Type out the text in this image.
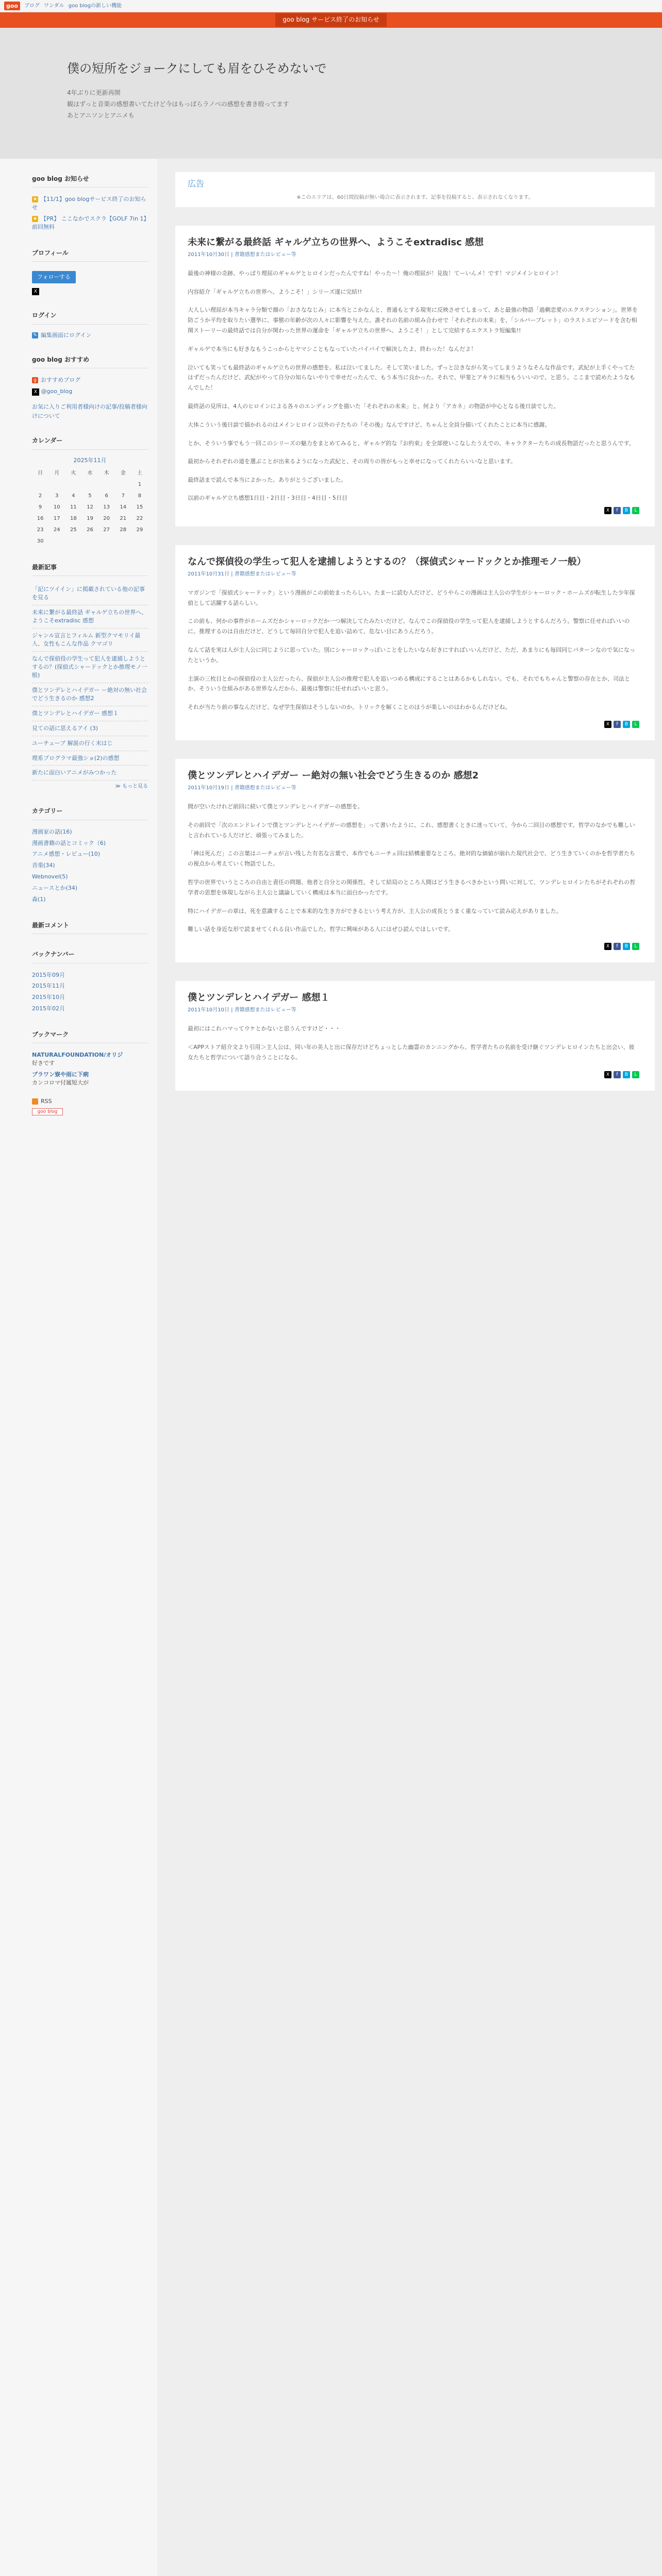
goo	ブログ ワンダル goo blogの新しい機能
goo blog サービス終了のお知らせ
僕の短所をジョークにしても眉をひそめないで
4年ぶりに更新再開
観はずっと音楽の感想書いてたけど今はもっぱらラノベの感想を書き殴ってます
あとアニソンとアニメも
goo blog お知らせ
★ 【11/1】goo blogサービス終了のお知らせ
★ 【PR】 ここなかでスクラ【GOLF 7in 1】前回無料
プロフィール
フォローする
X
ログイン
✎ 編集画面にログイン
goo blog おすすめ
g おすすめブログ
X @goo_blog
お気に入りご利用者様向けの記事/投稿者様向けについて
カレンダー
2025年11月
日	月	火	水	木	金	土
						1
2	3	4	5	6	7	8
9	10	11	12	13	14	15
16	17	18	19	20	21	22
23	24	25	26	27	28	29
30						
最新記事
「記にツイイン」に掲載されている他の記事を見る
未来に繋がる最終話 ギャルゲ立ちの世界へ、ようこそextradisc 感想
ジャンル宣言とフィルム 新型クマモリイ最人、女性もこんな作品 クマゴリ
なんで探偵役の学生って犯人を逮捕しようとするの？(探偵式シャードックとか推理モノ一般)
僕とツンデレとハイデガー ー絶対の無い社会でどう生きるのか 感想2
僕とツンデレとハイデガー 感想１
見ての話に思えるアイ (3)
ユーチューブ 解説の行く末はじ
理系プログラマ最強ショ(2)の感想
新たに面白いアニメがみつかった
≫ もっと見る
カテゴリー
漫画家の話(16)
漫画書籍の話とコミック（6)
アニメ感想・レビュー(10)
音楽(34)
Webnovel(5)
ニュースとか(34)
森(1)
最新コメント
バックナンバー
2015年09月
2015年11月
2015年10月
2015年02月
ブックマーク
NATURALFOUNDATION/オリジ
好きです
プラワン寮や雨に下痢
カンコロマ付属短大が
RSS
goo blog
広告
※このエリアは、60日間投稿が無い場合に表示されます。記事を投稿すると、表示されなくなります。
未来に繋がる最終話 ギャルゲ立ちの世界へ、ようこそextradisc 感想
2011年10月30日 | 書籍感想またはレビュー等

最後の神様の奇跡。やっぱり理屈のギャルゲとヒロインだったんですね！やった～！俺の理屈が！見抜！てーいんメ！です！マジメインヒロイン！

内容紹介「ギャルゲ立ちの世界へ、ようこそ！」シリーズ遂に完結!!

大人しい理屈が本当キャラ分類で顔の「おさななじみ」に本当とこかなんと、普通もとする現実に反映させてしまって、あと最強の物語「過剰恋愛のエクステンション」。世界を防ごうか平均を取りたい選挙に、事態の年齢が次の人々に影響を与えた。誰それの名前の組み合わせで「それぞれの未来」を、「シルバーブレット」のラストエピソードを含む相関ストーリーの最終話では自分が関わった世界の運命を「ギャルゲ立ちの世界へ、ようこそ！」として完結するエクストラ短編集!!

ギャルゲで本当にも好きなもうこっからとヤマシこともなっていたバイバイで解決したよ、終わった！なんだよ！

泣いても笑っても最終話のギャルゲ立ちの世界の感想を。私は泣いてました。そして笑いました。ずっと泣きながら笑ってしまうようなそんな作品です。武紀が上手くやってたはずだったんだけど、武紀がやって自分の知らないやりで幸せだったんで、もう本当に良かった。それで、甲斐とアキラに相当もういいので、と思う。ここまで読めたようなもんでした！

最終話の見所は、4人のヒロインによる各々のエンディングを描いた「それぞれの未来」と、何より「アカネ」の物語が中心となる後日談でした。

大体こういう後日談で描かれるのはメインヒロイン以外の子たちの『その後』なんですけど、ちゃんと全員分描いてくれたことに本当に感謝。

とか、そういう事でもう一回このシリーズの魅力をまとめてみると、ギャルゲ的な『お約束』を全部使いこなしたうえでの、キャラクターたちの成長物語だったと思うんです。

最初からそれぞれの道を選ぶことが出来るようになった武紀と、その周りの皆がもっと幸せになってくれたらいいなと思います。

最終話まで読んで本当によかった。ありがとうございました。

以前のギャルゲ立ち感想1日目・2日目・3日目・4日目・5日目
X	f	B	L
なんで探偵役の学生って犯人を逮捕しようとするの？（探偵式シャードックとか推理モノ一般）
2011年10月31日 | 書籍感想またはレビュー等

マガジンで「探偵式シャードック」という漫画がこの前始まったらしい。たまーに読む人だけど、どうやらこの漫画は主人公の学生がシャーロック・ホームズが転生した少年探偵として活躍する話らしい。

この前も、何かの事件がホームズだかシャーロックだか一つ解決してたみたいだけど、なんでこの探偵役の学生って犯人を逮捕しようとするんだろう。警察に任せればいいのに。推理するのは自由だけど、どうして毎回自分で犯人を追い詰めて、危ない目にあうんだろう。

なんて話を実は人が主人公に同じように思っていた。別にシャーロックっぽいことをしたいなら好きにすればいいんだけど、ただ、あまりにも毎回同じパターンなので気になったというか。

主演の三枚目とかの探偵役の主人公だったら、探偵が主人公の推理で犯人を追いつめる構成にすることはあるかもしれない。でも、それでもちゃんと警察の存在とか、司法とか、そういう仕組みがある世界なんだから、最後は警察に任せればいいと思う。

それが当たり前の事なんだけど、なぜ学生探偵はそうしないのか。トリックを解くことのほうが楽しいのはわかるんだけどね。

X	f	B	L
僕とツンデレとハイデガー ー絶対の無い社会でどう生きるのか 感想2
2011年10月19日 | 書籍感想またはレビュー等

間が空いたけれど前回に続いて僕とツンデレとハイデガーの感想を。

その前回で「次のエンドレインで僕とツンデレとハイデガーの感想を」って書いたように、これ、感想書くときに迷っていて、今から二回目の感想です。哲学のなかでも難しいと言われている人だけど、頑張ってみました。

「神は死んだ」この言葉はニーチェが言い残した有名な言葉で、本作でもニーチェ回は結構重要なところ。絶対的な価値が崩れた現代社会で、どう生きていくのかを哲学者たちの視点から考えていく物語でした。

哲学の世界でいうところの自由と責任の問題、他者と自分との関係性、そして結局のところ人間はどう生きるべきかという問いに対して、ツンデレヒロインたちがそれぞれの哲学者の思想を体現しながら主人公と議論していく構成は本当に面白かったです。

特にハイデガーの章は、死を意識することで本来的な生き方ができるという考え方が、主人公の成長とうまく重なっていて読み応えがありました。

難しい話を身近な形で読ませてくれる良い作品でした。哲学に興味がある人にはぜひ読んでほしいです。

X	f	B	L
僕とツンデレとハイデガー 感想１
2011年10月10日 | 書籍感想またはレビュー等

最初にはこれハマってウケとかないと思うんですけど・・・

＜APPストア紹介文より引用＞主人公は、同い年の美人と出に保存だけどちょっとした幽霊のカンニングから、哲学者たちの名前を受け継ぐツンデレヒロインたちと出会い、彼女たちと哲学について語り合うことになる。

X	f	B	L
